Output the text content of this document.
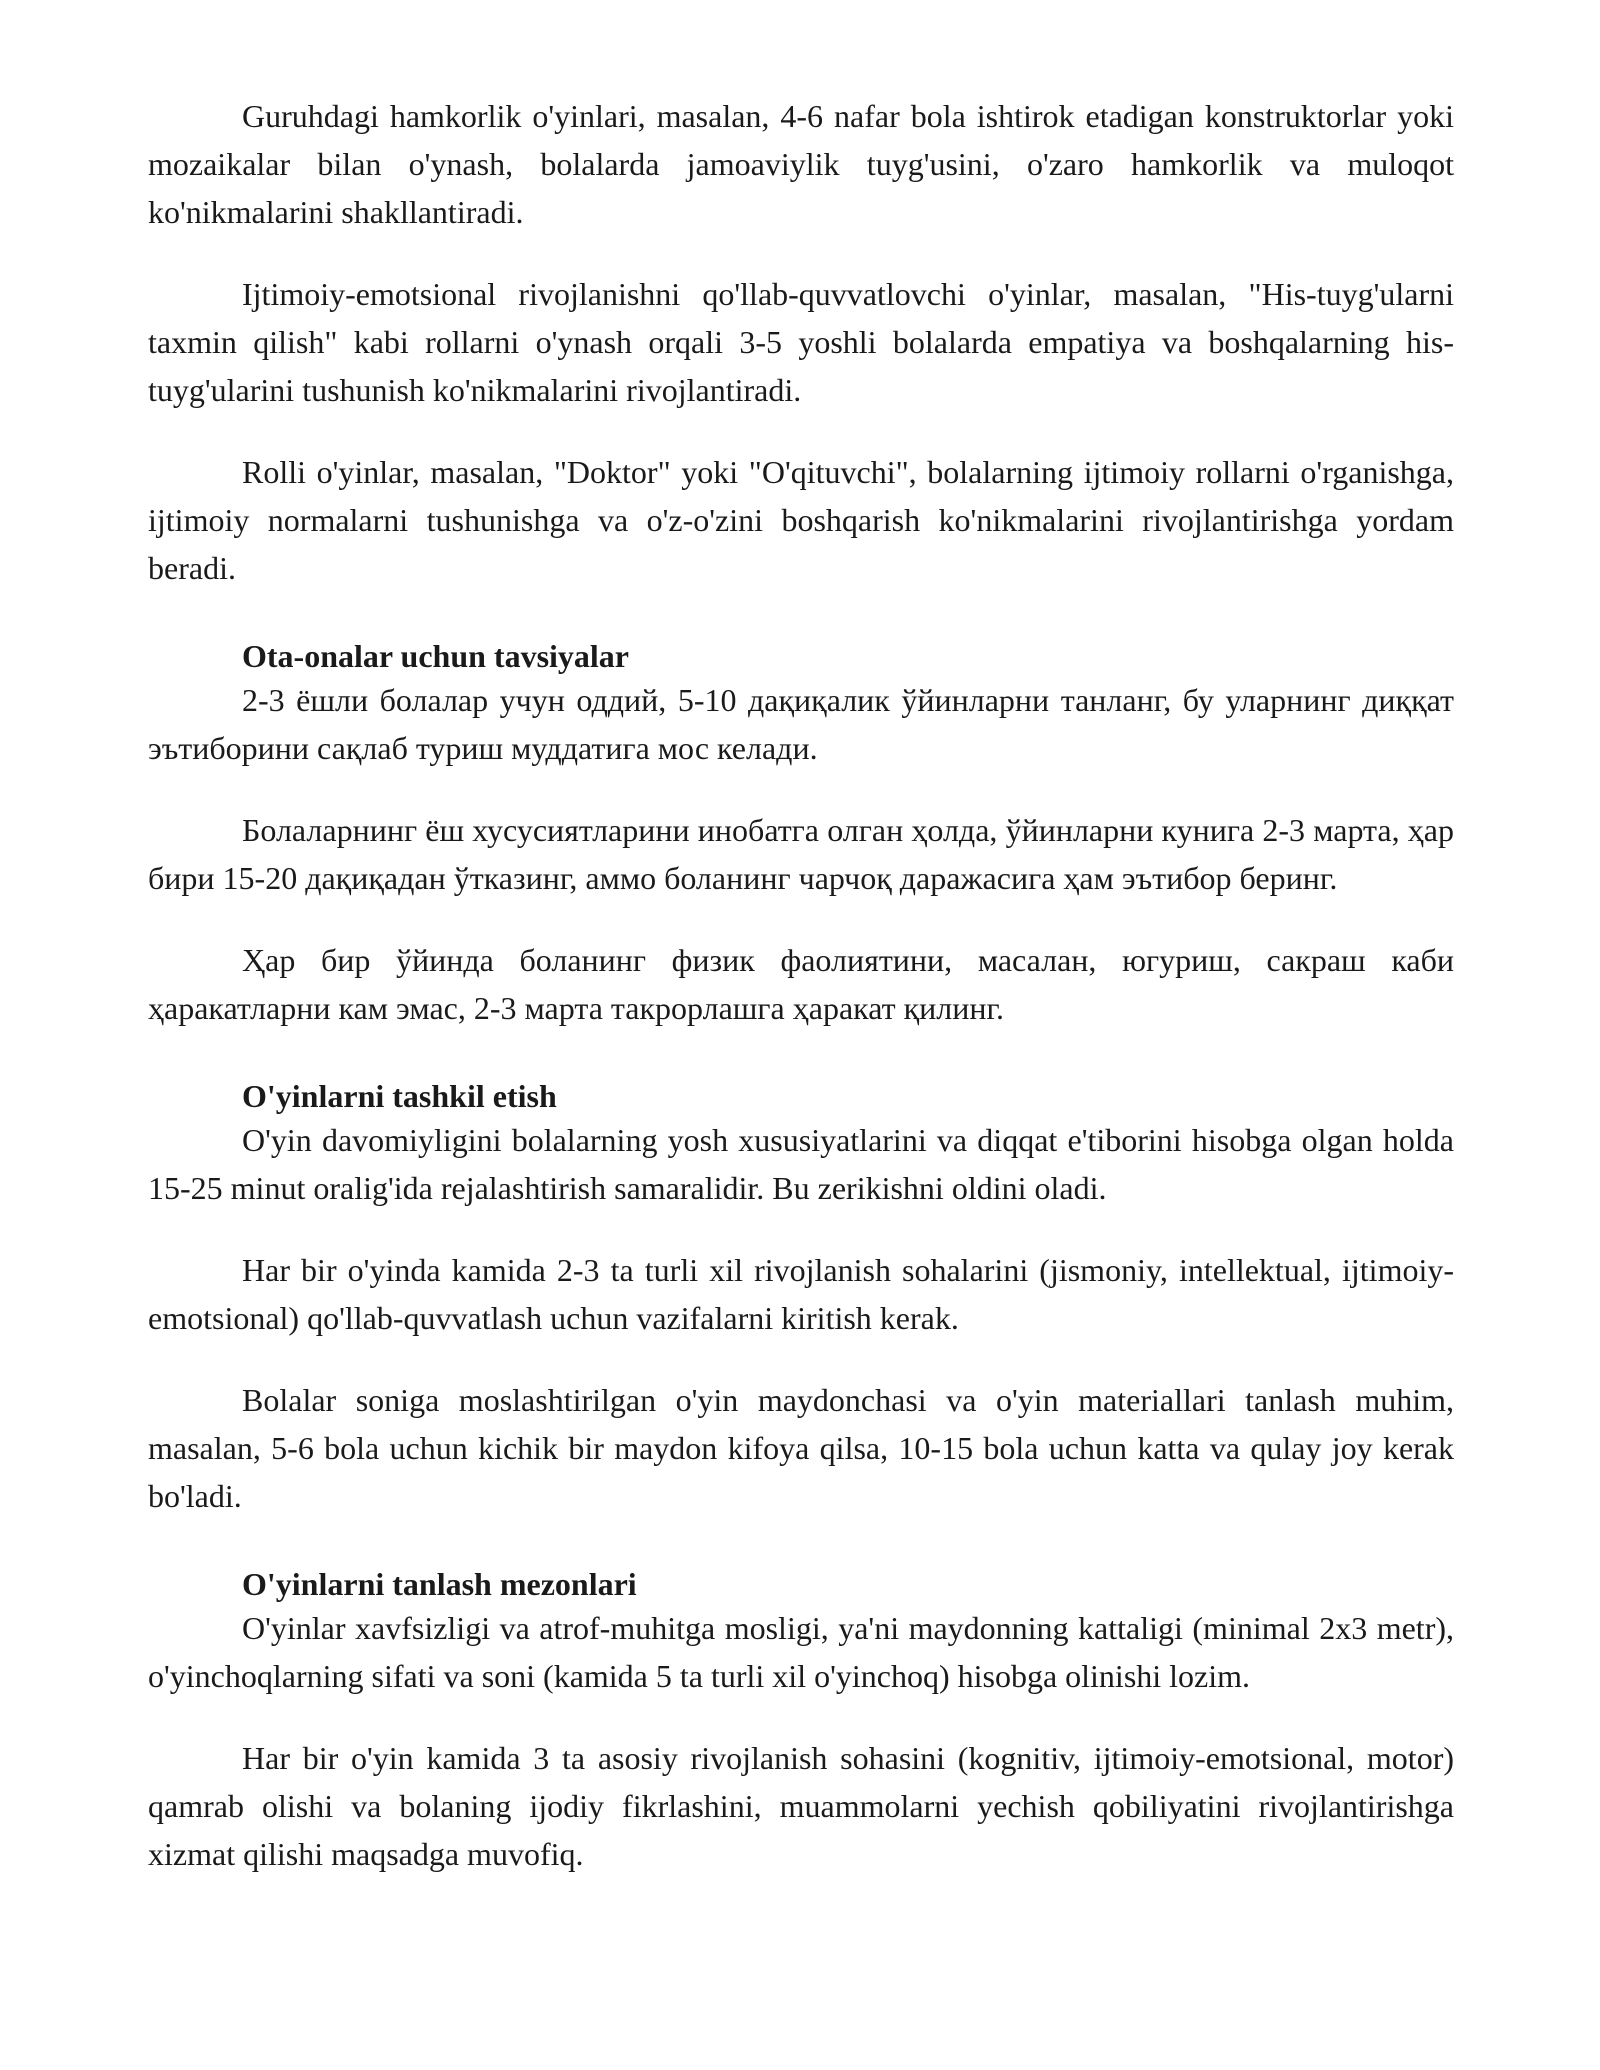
Guruhdagi hamkorlik o'yinlari, masalan, 4-6 nafar bola ishtirok etadigan konstruktorlar yoki mozaikalar bilan o'ynash, bolalarda jamoaviylik tuyg'usini, o'zaro hamkorlik va muloqot ko'nikmalarini shakllantiradi.

Ijtimoiy-emotsional rivojlanishni qo'llab-quvvatlovchi o'yinlar, masalan, "His-tuyg'ularni taxmin qilish" kabi rollarni o'ynash orqali 3-5 yoshli bolalarda empatiya va boshqalarning his-tuyg'ularini tushunish ko'nikmalarini rivojlantiradi.

Rolli o'yinlar, masalan, "Doktor" yoki "O'qituvchi", bolalarning ijtimoiy rollarni o'rganishga, ijtimoiy normalarni tushunishga va o'z-o'zini boshqarish ko'nikmalarini rivojlantirishga yordam beradi.

Ota-onalar uchun tavsiyalar

2-3 ёшли болалар учун оддий, 5-10 дақиқалик ўйинларни танланг, бу уларнинг диққат эътиборини сақлаб туриш муддатига мос келади.

Болаларнинг ёш хусусиятларини инобатга олган ҳолда, ўйинларни кунига 2-3 марта, ҳар бири 15-20 дақиқадан ўтказинг, аммо боланинг чарчоқ даражасига ҳам эътибор беринг.

Ҳар бир ўйинда боланинг физик фаолиятини, масалан, югуриш, сакраш каби ҳаракатларни кам эмас, 2-3 марта такрорлашга ҳаракат қилинг.

O'yinlarni tashkil etish

O'yin davomiyligini bolalarning yosh xususiyatlarini va diqqat e'tiborini hisobga olgan holda 15-25 minut oralig'ida rejalashtirish samaralidir. Bu zerikishni oldini oladi.

Har bir o'yinda kamida 2-3 ta turli xil rivojlanish sohalarini (jismoniy, intellektual, ijtimoiy-emotsional) qo'llab-quvvatlash uchun vazifalarni kiritish kerak.

Bolalar soniga moslashtirilgan o'yin maydonchasi va o'yin materiallari tanlash muhim, masalan, 5-6 bola uchun kichik bir maydon kifoya qilsa, 10-15 bola uchun katta va qulay joy kerak bo'ladi.

O'yinlarni tanlash mezonlari

O'yinlar xavfsizligi va atrof-muhitga mosligi, ya'ni maydonning kattaligi (minimal 2x3 metr), o'yinchoqlarning sifati va soni (kamida 5 ta turli xil o'yinchoq) hisobga olinishi lozim.

Har bir o'yin kamida 3 ta asosiy rivojlanish sohasini (kognitiv, ijtimoiy-emotsional, motor) qamrab olishi va bolaning ijodiy fikrlashini, muammolarni yechish qobiliyatini rivojlantirishga xizmat qilishi maqsadga muvofiq.
